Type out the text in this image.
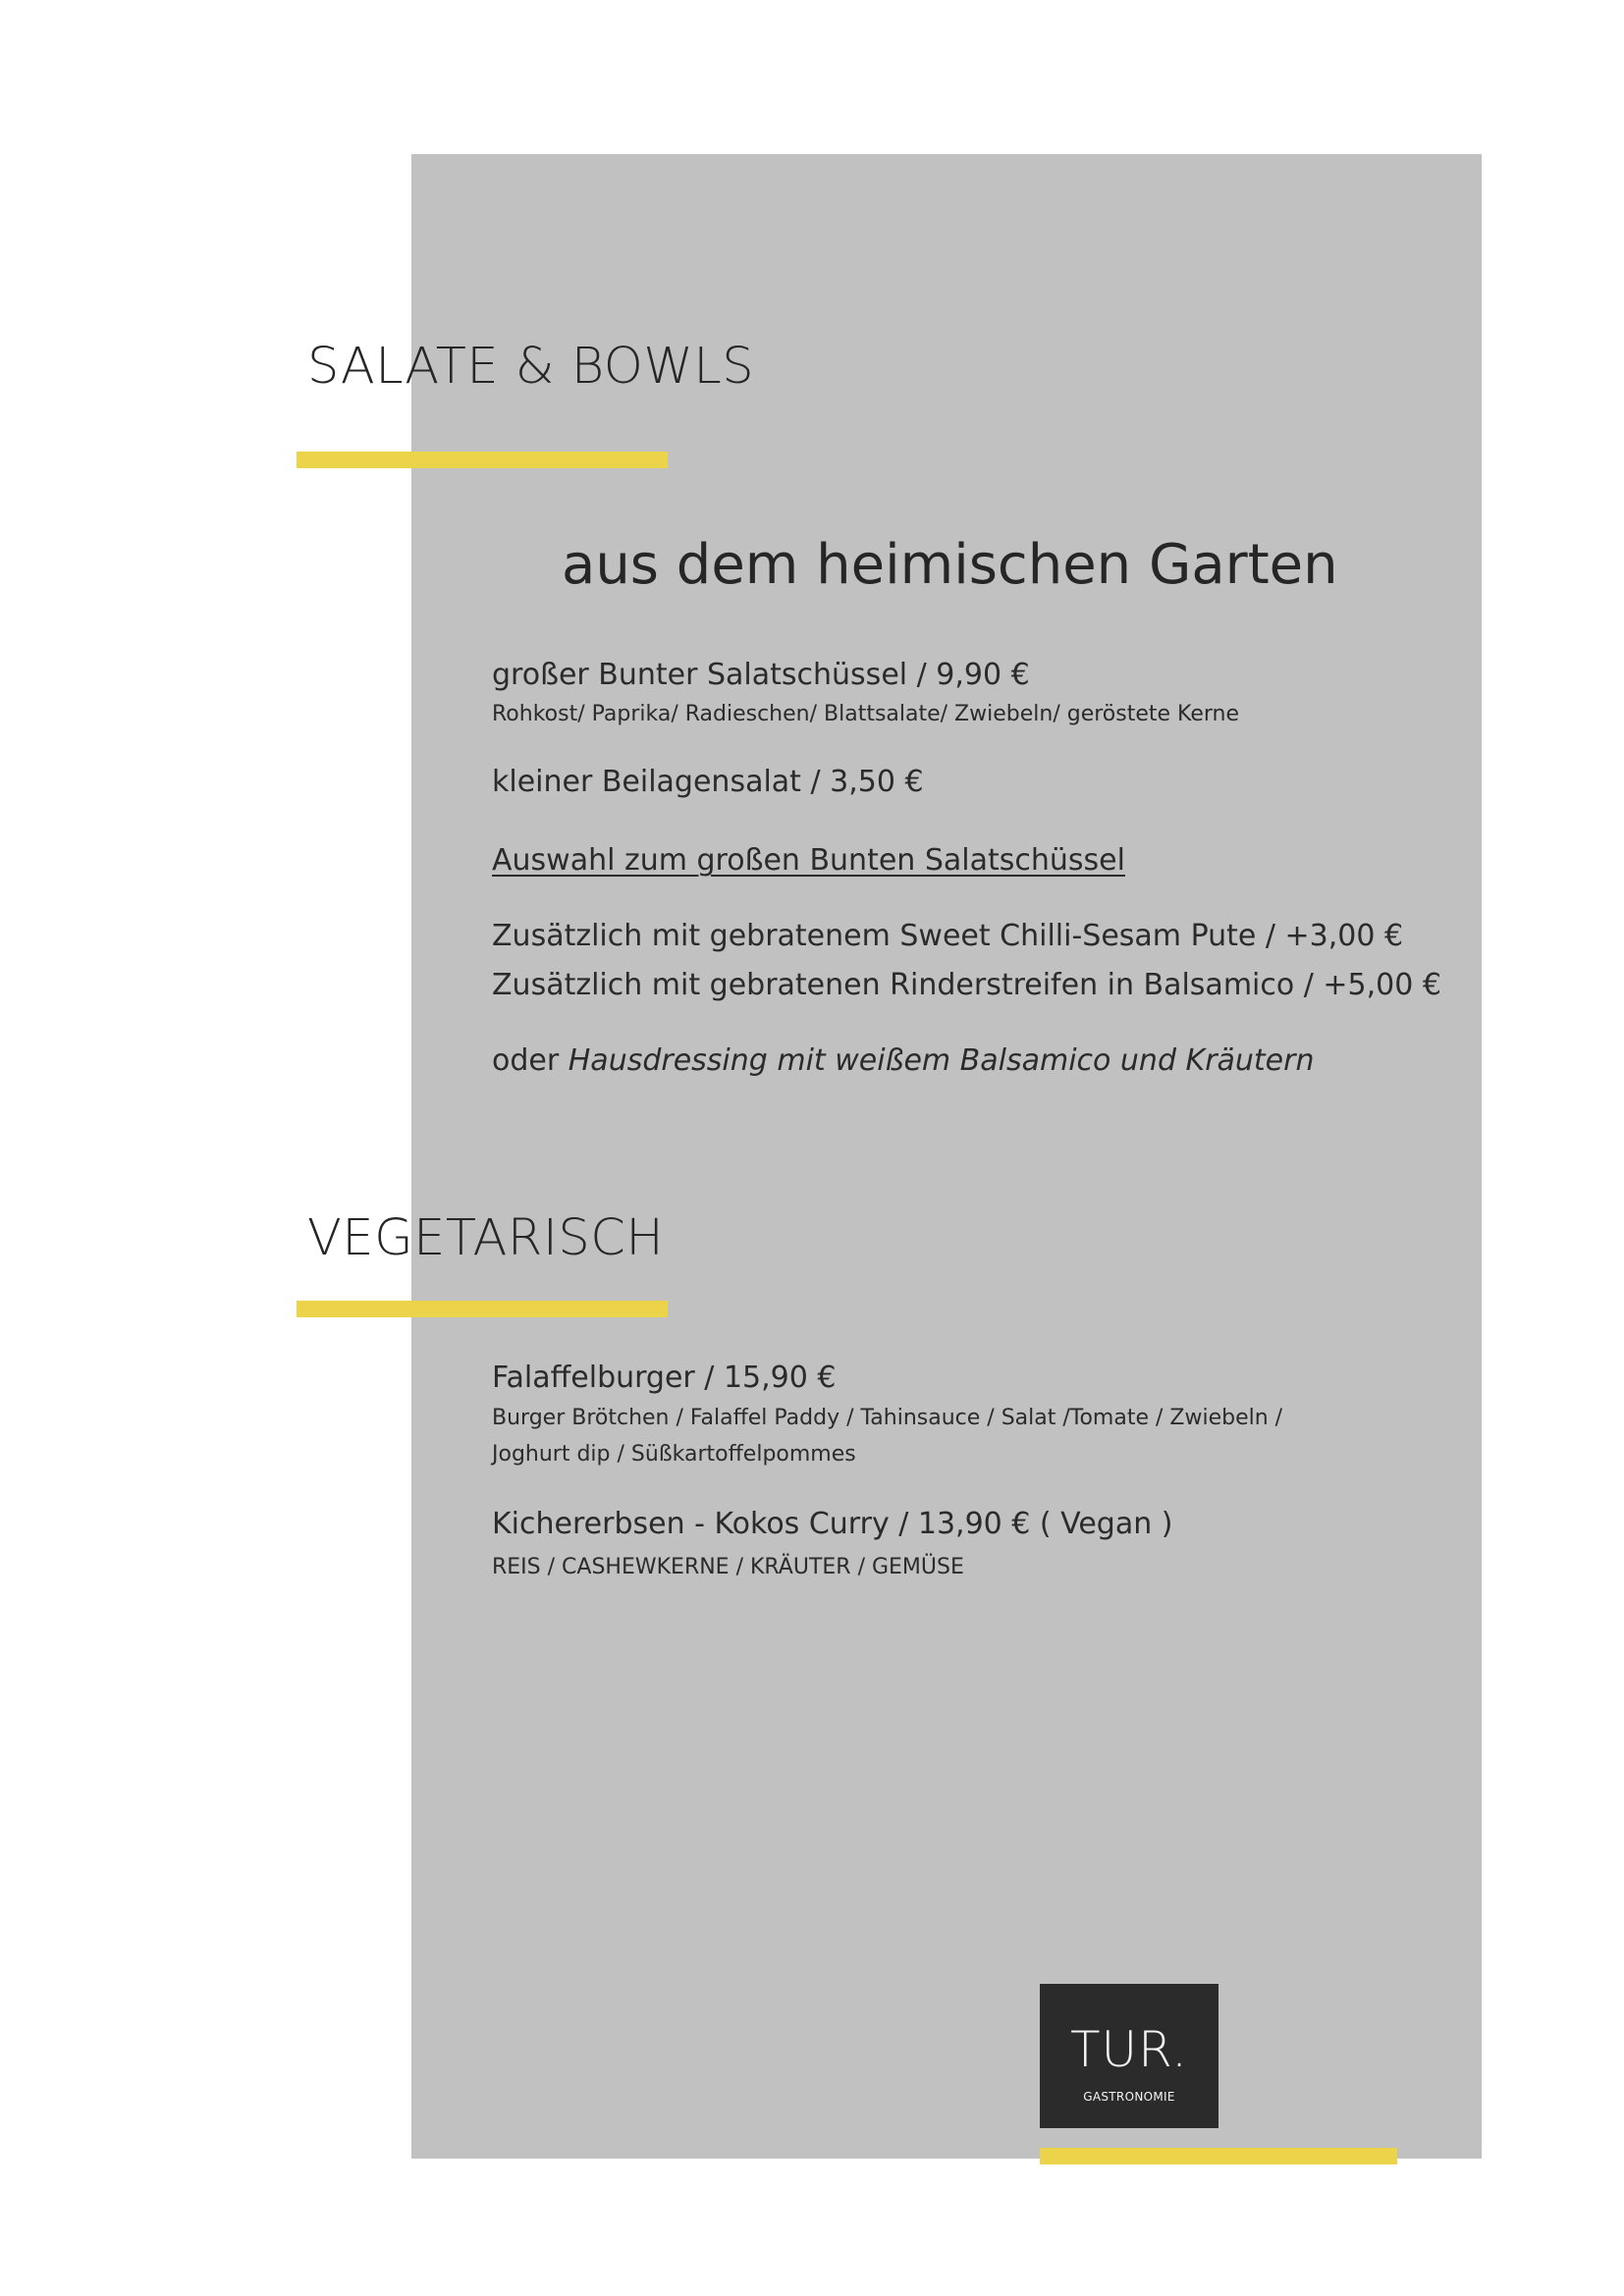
SALATE & BOWLS
aus dem heimischen Garten
großer Bunter Salatschüssel / 9,90 €
Rohkost/ Paprika/ Radieschen/ Blattsalate/ Zwiebeln/ geröstete Kerne
kleiner Beilagensalat / 3,50 €
Auswahl zum großen Bunten Salatschüssel
Zusätzlich mit gebratenem Sweet Chilli-Sesam Pute / +3,00 €
Zusätzlich mit gebratenen Rinderstreifen in Balsamico / +5,00 €
oder Hausdressing mit weißem Balsamico und Kräutern
VEGETARISCH
Falaffelburger / 15,90 €
Burger Brötchen / Falaffel Paddy / Tahinsauce / Salat /Tomate / Zwiebeln /
Joghurt dip / Süßkartoffelpommes
Kichererbsen - Kokos Curry / 13,90 € ( Vegan )
REIS / CASHEWKERNE / KRÄUTER / GEMÜSE
TUR.
GASTRONOMIE
